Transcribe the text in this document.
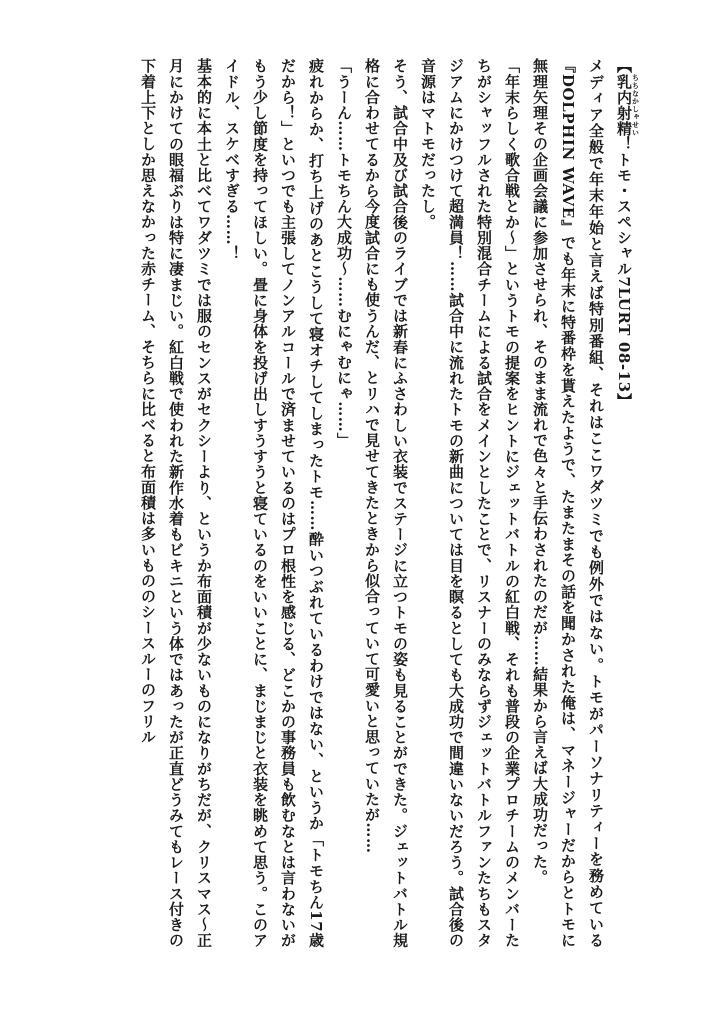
【乳内射精ちちなかしゃせい！トモ・スペシャル7LURT 08-13】

メディア全般で年末年始と言えば特別番組、それはここワダツミでも例外ではない。トモがパーソナリティーを務めている『DOLPHIN WAVE』でも年末に特番枠を貰えたようで、たまたまその話を聞かされた俺は、マネージャーだからとトモに無理矢理その企画会議に参加させられ、そのまま流れで色々と手伝わされたのだが……結果から言えば大成功だった。

「年末らしく歌合戦とか～」というトモの提案をヒントにジェットバトルの紅白戦、それも普段の企業プロチームのメンバーたちがシャッフルされた特別混合チームによる試合をメインとしたことで、リスナーのみならずジェットバトルファンたちもスタジアムにかけつけて超満員！……試合中に流れたトモの新曲については目を瞑るとしても大成功で間違いないだろう。試合後の音源はマトモだったし。

そう、試合中及び試合後のライブでは新春にふさわしい衣装でステージに立つトモの姿も見ることができた。ジェットバトル規格に合わせてるから今度試合にも使うんだ、とリハで見せてきたときから似合っていて可愛いと思っていたが……

「うーん……トモちん大成功～……むにゃむにゃ……」

疲れからか、打ち上げのあとこうして寝オチしてしまったトモ……酔いつぶれているわけではない、というか「トモちん17歳だから！」といつでも主張してノンアルコールで済ませているのはプロ根性を感じる、どこかの事務員も飲むなとは言わないがもう少し節度を持ってほしい。畳に身体を投げ出しすうすうと寝ているのをいいことに、まじまじと衣装を眺めて思う。このアイドル、スケベすぎる……！

基本的に本土と比べてワダツミでは服のセンスがセクシーより、というか布面積が少ないものになりがちだが、クリスマス～正月にかけての眼福ぶりは特に凄まじい。紅白戦で使われた新作水着もビキニという体ではあったが正直どうみてもレース付きの下着上下としか思えなかった赤チーム、そちらに比べると布面積は多いもののシースルーのフリル
